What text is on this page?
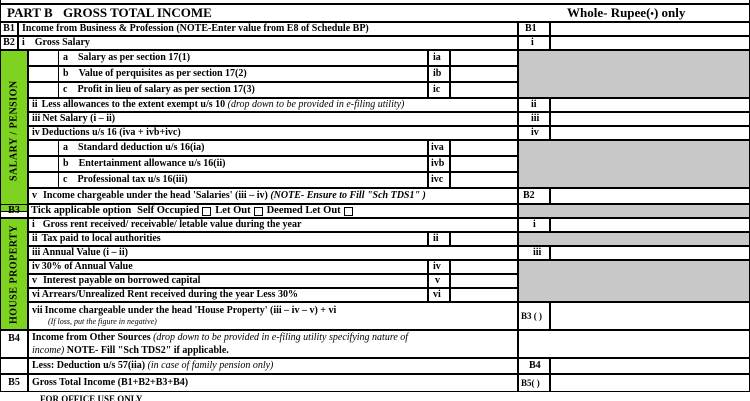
PART B GROSS TOTAL INCOME	Whole- Rupee(•) only
B1 Income from Business & Profession (NOTE-Enter value from E8 of Schedule BP)	B1
B2 i Gross Salary	i
SALARY / PENSION
a Salary as per section 17(1)	ia
b Value of perquisites as per section 17(2)	ib
c Profit in lieu of salary as per section 17(3)	ic
ii Less allowances to the extent exempt u/s 10
(drop down to be provided in e-filing utility)	ii
iii Net Salary (i – ii)	iii
iv Deductions u/s 16 (iva + ivb+ivc)	iv
a Standard deduction u/s 16(ia)	iva
b Entertainment allowance u/s 16(ii)	ivb
c Professional tax u/s 16(iii)	ivc
v Income chargeable under the head 'Salaries' (iii – iv)
(NOTE- Ensure to Fill "Sch TDS1" )	B2
B3	Tick applicable option Self Occupied Let Out Deemed Let Out
HOUSE PROPERTY	i Gross rent received/ receivable/ letable value during the year	i
ii Tax paid to local authorities	ii
iii Annual Value (i – ii)	iii
iv 30% of Annual Value	iv
v Interest payable on borrowed capital	v
vi Arrears/Unrealized Rent received during the year Less 30%	vi
vii Income chargeable under the head 'House Property' (iii – iv – v) + vi
(If loss, put the figure in negative)
B3 ( )
B4	Income from Other Sources (drop down to be provided in e-filing utility specifying nature of
income) NOTE- Fill "Sch TDS2" if applicable.
Less: Deduction u/s 57(iia)
(in case of family pension only)	B4
B5	Gross Total Income (B1+B2+B3+B4)	B5( )
FOR OFFICE USE ONLY
